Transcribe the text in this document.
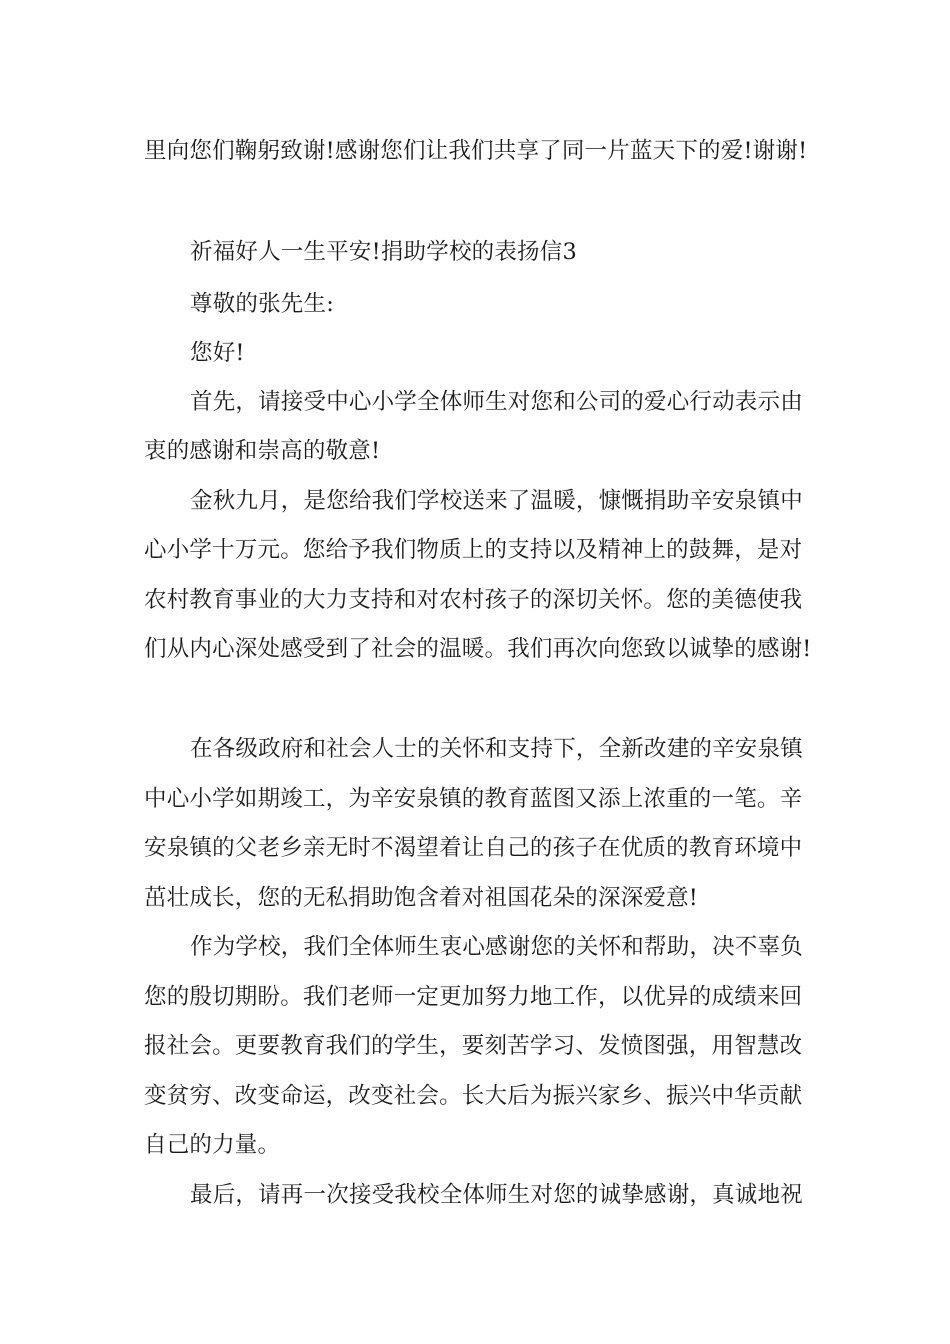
里向您们鞠躬致谢!感谢您们让我们共享了同一片蓝天下的爱!谢谢!
祈福好人一生平安!捐助学校的表扬信3
尊敬的张先生:
您好!
首先，请接受中心小学全体师生对您和公司的爱心行动表示由
衷的感谢和崇高的敬意!
金秋九月，是您给我们学校送来了温暖，慷慨捐助辛安泉镇中
心小学十万元。您给予我们物质上的支持以及精神上的鼓舞，是对
农村教育事业的大力支持和对农村孩子的深切关怀。您的美德使我
们从内心深处感受到了社会的温暖。我们再次向您致以诚挚的感谢!
在各级政府和社会人士的关怀和支持下，全新改建的辛安泉镇
中心小学如期竣工，为辛安泉镇的教育蓝图又添上浓重的一笔。辛
安泉镇的父老乡亲无时不渴望着让自己的孩子在优质的教育环境中
茁壮成长，您的无私捐助饱含着对祖国花朵的深深爱意!
作为学校，我们全体师生衷心感谢您的关怀和帮助，决不辜负
您的殷切期盼。我们老师一定更加努力地工作，以优异的成绩来回
报社会。更要教育我们的学生，要刻苦学习、发愤图强，用智慧改
变贫穷、改变命运，改变社会。长大后为振兴家乡、振兴中华贡献
自己的力量。
最后，请再一次接受我校全体师生对您的诚挚感谢，真诚地祝
